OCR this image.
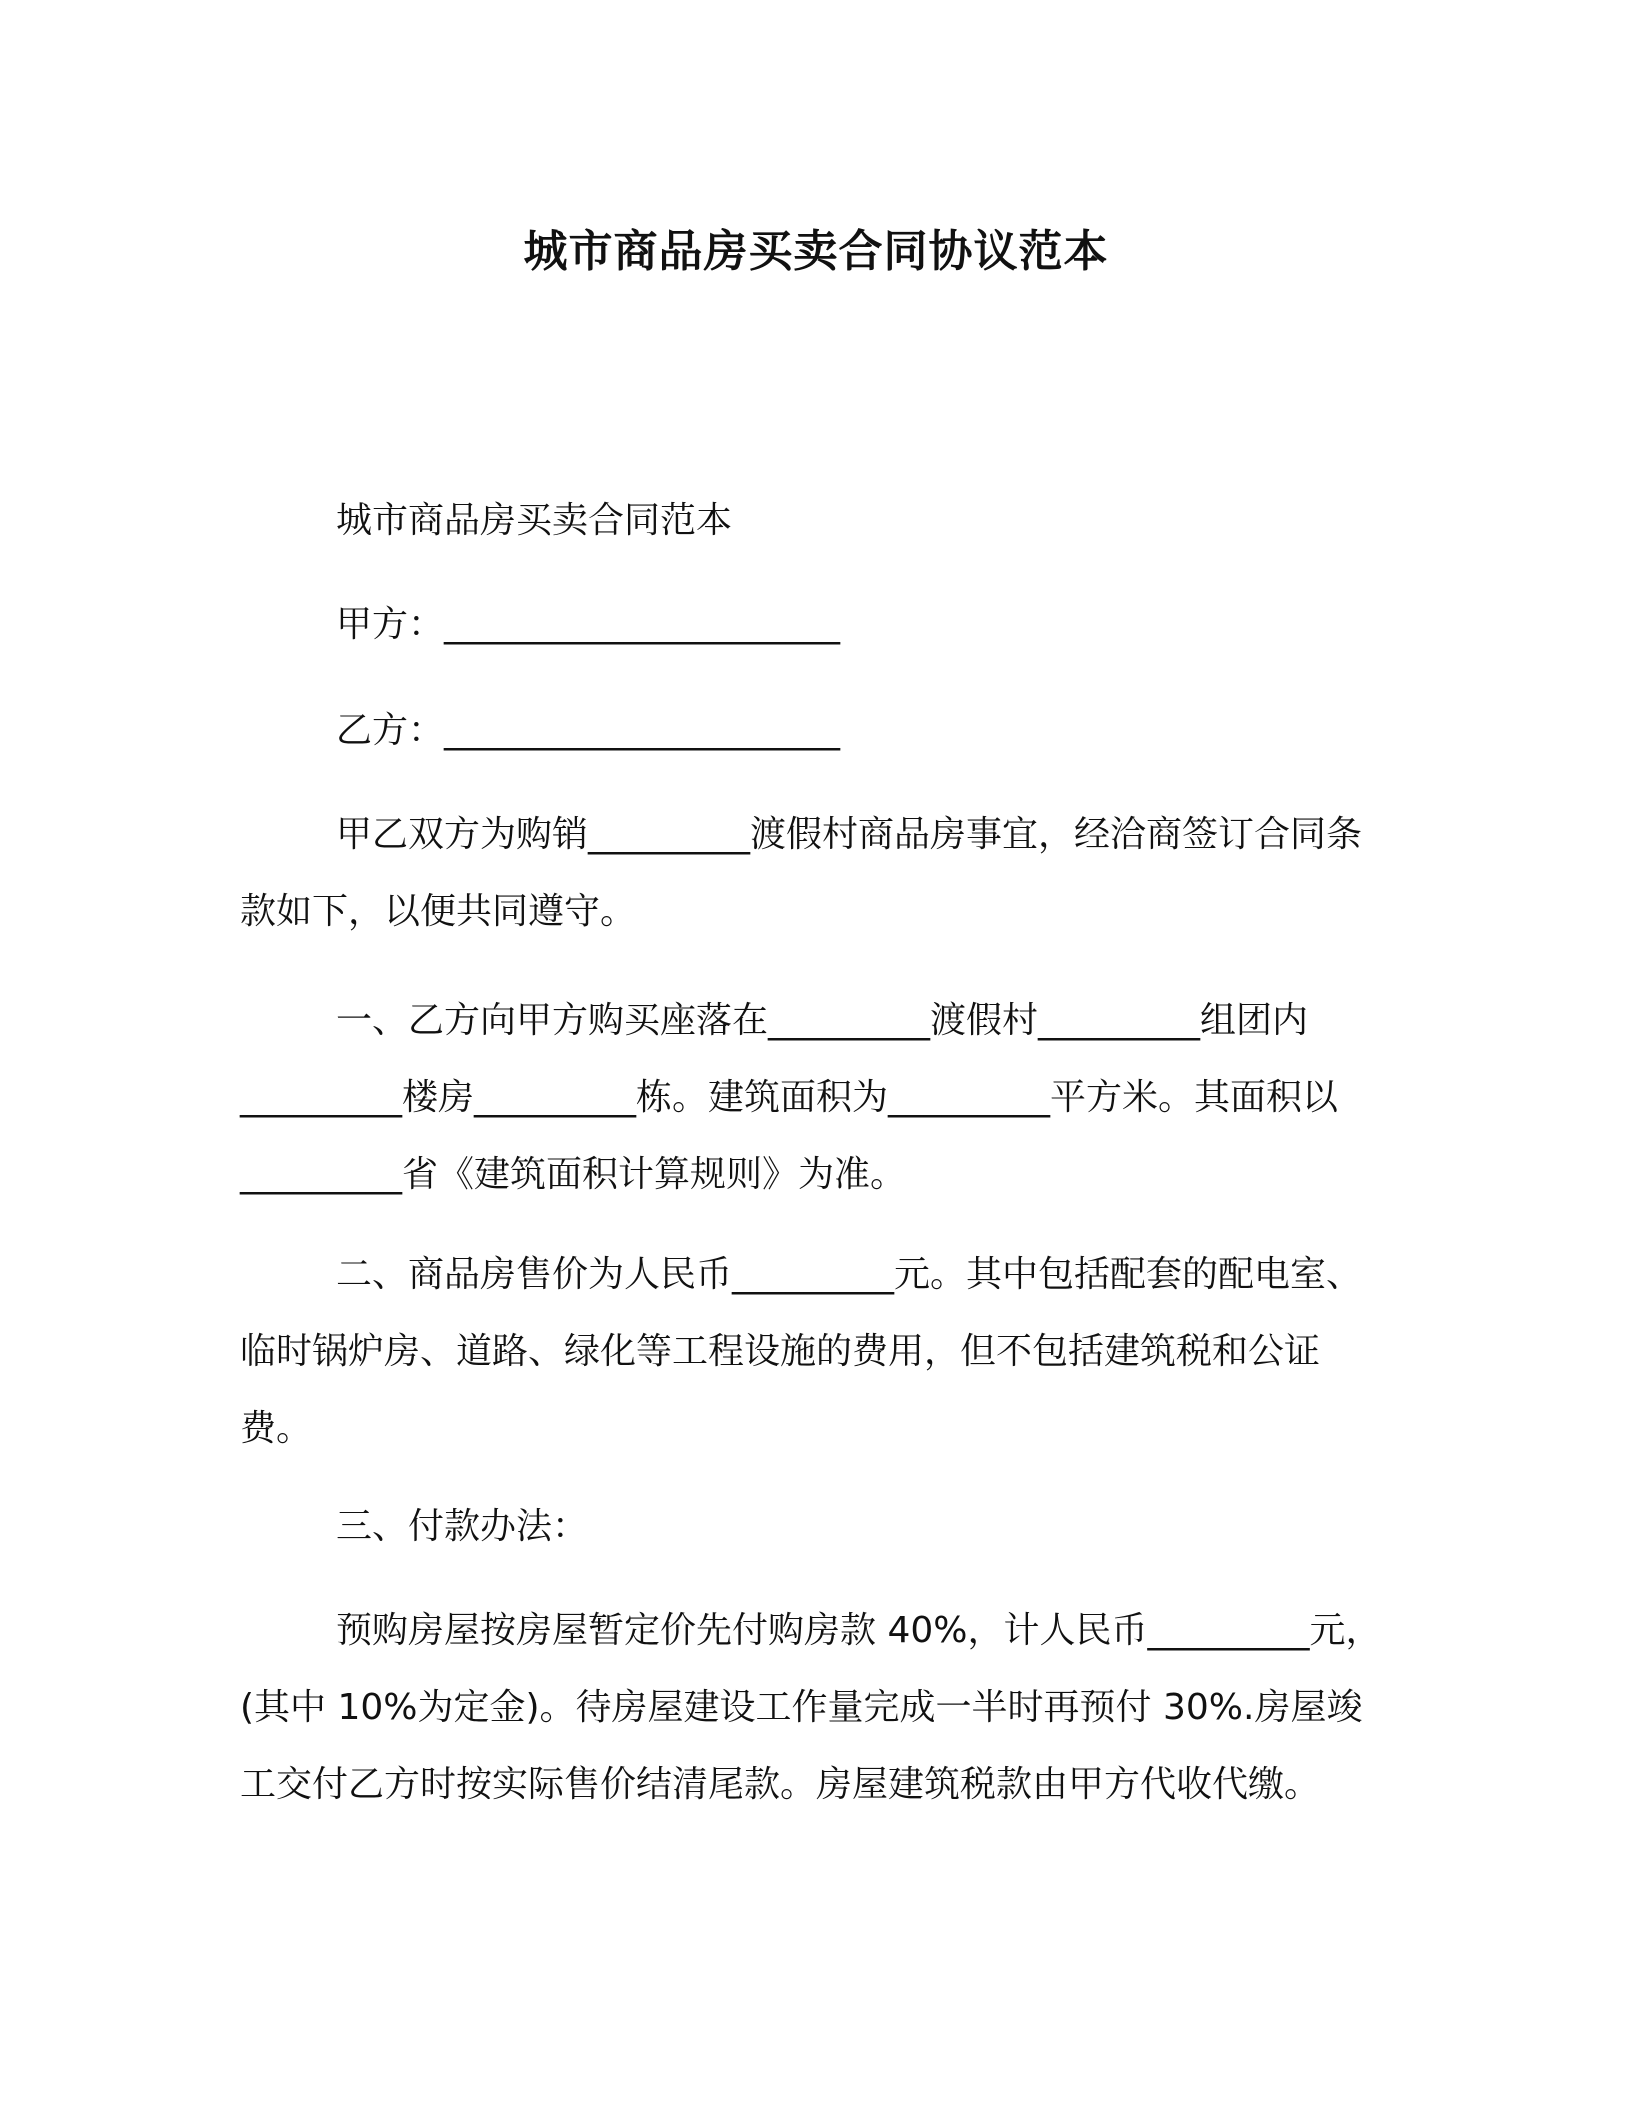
城市商品房买卖合同协议范本

城市商品房买卖合同范本

甲方：______________________

乙方：______________________

甲乙双方为购销_________渡假村商品房事宜，经洽商签订合同条款如下，以便共同遵守。

一、乙方向甲方购买座落在_________渡假村_________组团内_________楼房_________栋。建筑面积为_________平方米。其面积以_________省《建筑面积计算规则》为准。

二、商品房售价为人民币_________元。其中包括配套的配电室、临时锅炉房、道路、绿化等工程设施的费用，但不包括建筑税和公证费。

三、付款办法：

预购房屋按房屋暂定价先付购房款 40%，计人民币_________元，(其中 10%为定金)。待房屋建设工作量完成一半时再预付 30%.房屋竣工交付乙方时按实际售价结清尾款。房屋建筑税款由甲方代收代缴。
